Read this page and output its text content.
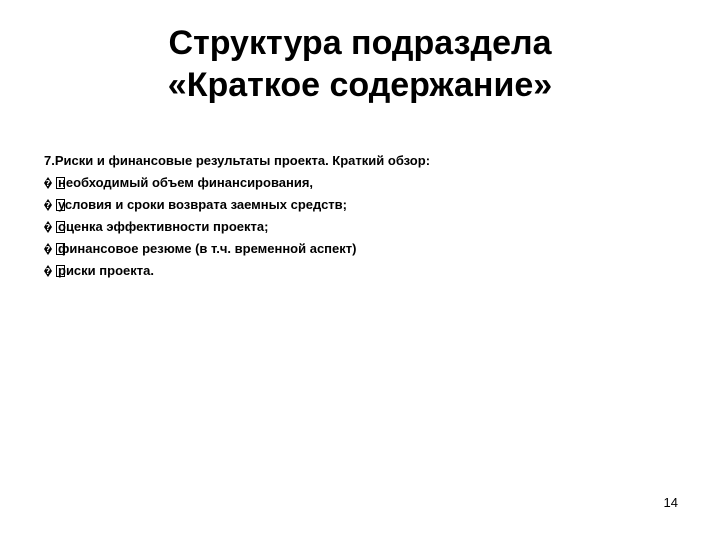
Структура подраздела
«Краткое содержание»

7.Риски и финансовые результаты проекта. Краткий обзор:

? необходимый объем финансирования,
? условия и сроки возврата заемных средств;
? оценка эффективности проекта;
? финансовое резюме (в т.ч. временной аспект)
? риски проекта.
14
